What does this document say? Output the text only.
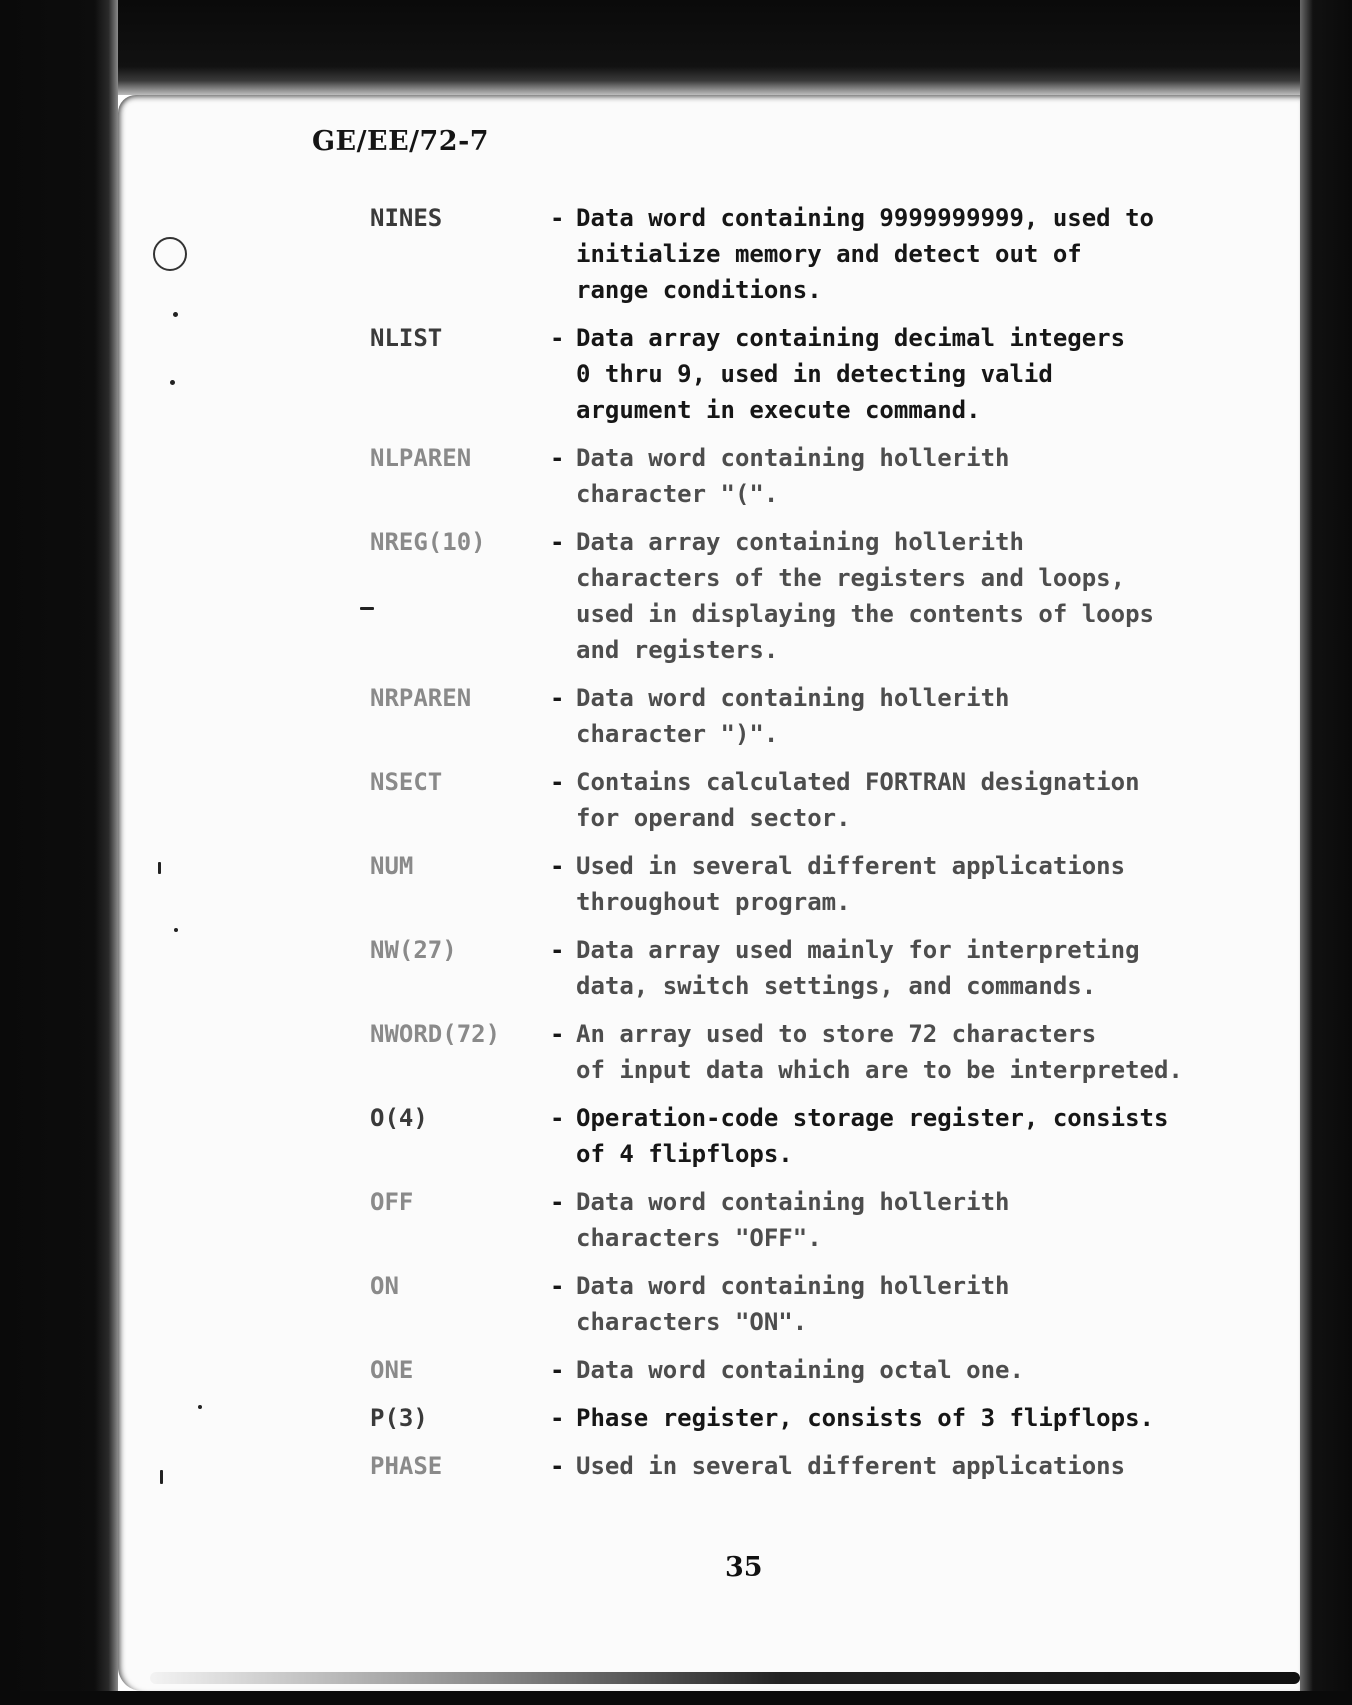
GE/EE/72-7
NINES	- Data word containing 9999999999, used to
initialize memory and detect out of
range conditions.
NLIST	- Data array containing decimal integers
0 thru 9, used in detecting valid
argument in execute command.
NLPAREN	- Data word containing hollerith
character "(".
NREG(10)	- Data array containing hollerith
characters of the registers and loops,
used in displaying the contents of loops
and registers.
NRPAREN	- Data word containing hollerith
character ")".
NSECT	- Contains calculated FORTRAN designation
for operand sector.
NUM	- Used in several different applications
throughout program.
NW(27)	- Data array used mainly for interpreting
data, switch settings, and commands.
NWORD(72)	- An array used to store 72 characters
of input data which are to be interpreted.
O(4)	- Operation-code storage register, consists
of 4 flipflops.
OFF	- Data word containing hollerith
characters "OFF".
ON	- Data word containing hollerith
characters "ON".
ONE	- Data word containing octal one.
P(3)	- Phase register, consists of 3 flipflops.
PHASE	- Used in several different applications
35
